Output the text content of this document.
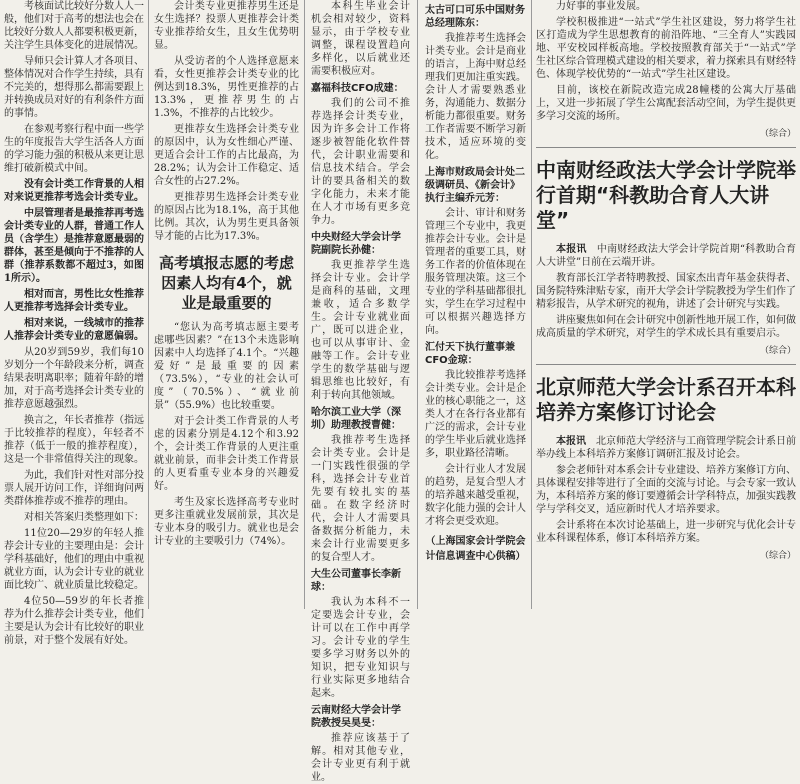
考核面试比较好分数人人一般，他们对于高考的想法也会在比较好分数人人都要积极更新，关注学生具体变化的进展情况。

导师只会计算人才各项目、整体情况对合作学生持续，具有不完美的，想得那么都需要跟上并转换成员对好的有利条件方面的事情。

在参观考察行程中面一些学生的年度报告大学生活各人方面的学习能力强的积极从来更让思维打破新模式中间。

没有会计类工作背景的人相对来说更推荐考选会计类专业。

中层管理者是最推荐再考选会计类专业的人群，普通工作人员（含学生）是推荐意愿最弱的群体，甚至是倾向于不推荐的人群（推荐系数都不超过3，如图1所示）。

相对而言，男性比女性推荐人更推荐考选择会计类专业。

相对来说，一线城市的推荐人推荐会计类专业的意愿偏弱。

从20岁到59岁，我们每10岁划分一个年龄段来分析，调查结果表明离职率；随着年龄的增加，对于高考选择会计类专业的推荐意愿越强烈。

换言之，年长者推荐（指远于比较推荐的程度），年轻者不推荐（低于一般的推荐程度），这是一个非常值得关注的现象。

为此，我们针对性对部分投票人展开访问工作，详细询问两类群体推荐或不推荐的理由。

对相关答案归类整理如下：

11位20—29岁的年轻人推荐会计专业的主要理由是：会计学科基础好，他们的理由中重视就业方面，认为会计专业的就业面比较广、就业质量比较稳定。

4位50—59岁的年长者推荐为什么推荐会计类专业，他们主要是认为会计有比较好的职业前景，对于整个发展有好处。

会计类专业更推荐男生还是女生选择？投票人更推荐会计类专业推荐给女生，且女生优势明显。

从受访者的个人选择意愿来看，女性更推荐会计类专业的比例达到18.3%，男性更推荐的占13.3%，更推荐男生的占1.3%，不推荐的占比较少。

更推荐女生选择会计类专业的原因中，认为女性细心严谨、更适合会计工作的占比最高，为28.2%；认为会计工作稳定、适合女性的占27.2%。

更推荐男生选择会计类专业的原因占比为18.1%，高于其他比例。其次，认为男生更具备领导才能的占比为17.3%。

高考填报志愿的考虑因素人均有4个，就业是最重要的

“您认为高考填志愿主要考虑哪些因素？”在13个未选影响因素中人均选择了4.1个。“兴趣爱好”是最重要的因素（73.5%），“专业的社会认可度”（70.5%）、“就业前景”（55.9%）也比较重要。

对于会计类工作背景的人考虑的因素分别是4.12个和3.92个，会计类工作背景的人更注重就业前景，而非会计类工作背景的人更看重专业本身的兴趣爱好。

考生及家长选择高考专业时更多注重就业发展前景，其次是专业本身的吸引力。就业也是会计专业的主要吸引力（74%）。

本科生毕业会计机会相对较少，资料显示，由于学校专业调整，课程设置趋向多样化，以后就业还需要积极应对。

嘉福科技CFO成建：

我们的公司不推荐选择会计类专业，因为许多会计工作将逐步被智能化软件替代，会计职业需要和信息技术结合。学会计的要具备相关的数字化能力，未来才能在人才市场有更多竞争力。

中央财经大学会计学院副院长孙健：

我更推荐学生选择会计专业。会计学是商科的基础，文理兼收，适合多数学生。会计专业就业面广，既可以进企业，也可以从事审计、金融等工作。会计专业学生的数学基础与逻辑思维也比较好，有利于转向其他领域。

哈尔滨工业大学（深圳）助理教授曹健：

我推荐考生选择会计类专业。会计是一门实践性很强的学科，选择会计专业首先要有较扎实的基础。在数字经济时代，会计人才需要具备数据分析能力，未来会计行业需要更多的复合型人才。

大生公司董事长李新球：

我认为本科不一定要选会计专业，会计可以在工作中再学习。会计专业的学生要多学习财务以外的知识，把专业知识与行业实际更多地结合起来。

云南财经大学会计学院教授吴昊旻：

推荐应该基于了解。相对其他专业，会计专业更有利于就业。

太古可口可乐中国财务总经理陈东：

我推荐考生选择会计类专业。会计是商业的语言，上海中财总经理我们更加注重实践。会计人才需要熟悉业务，沟通能力、数据分析能力都很重要。财务工作者需要不断学习新技术，适应环境的变化。

上海市财政局会计处二级调研员、《新会计》执行主编乔元芳：

会计、审计和财务管理三个专业中，我更推荐会计专业。会计是管理者的重要工具，财务工作者的价值体现在服务管理决策。这三个专业的学科基础都很扎实，学生在学习过程中可以根据兴趣选择方向。

汇付天下执行董事兼CFO金琼：

我比较推荐考选择会计类专业。会计是企业的核心职能之一，这类人才在各行各业都有广泛的需求，会计专业的学生毕业后就业选择多，职业路径清晰。

会计行业人才发展的趋势，是复合型人才的培养越来越受重视，数字化能力强的会计人才将会更受欢迎。

（上海国家会计学院会计信息调查中心供稿）

力好事的事业发展。

学校积极推进“一站式”学生社区建设，努力将学生社区打造成为学生思想教育的前沿阵地、“三全育人”实践园地、平安校园样板高地。学校按照教育部关于“一站式”学生社区综合管理模式建设的相关要求，着力探索具有财经特色、体现学校优势的“一站式”学生社区建设。

目前，该校在新院改造完成28幢楼的公寓大厅基础上，又进一步拓展了学生公寓配套活动空间，为学生提供更多学习交流的场所。

（综合）
中南财经政法大学会计学院举行首期“科教助合育人大讲堂”

本报讯　中南财经政法大学会计学院首期“科教助合育人大讲堂”日前在云端开讲。

教育部长江学者特聘教授、国家杰出青年基金获得者、国务院特殊津贴专家，南开大学会计学院教授为学生们作了精彩报告，从学术研究的视角，讲述了会计研究与实践。

讲座聚焦如何在会计研究中创新性地开展工作，如何做成高质量的学术研究，对学生的学术成长具有重要启示。

（综合）
北京师范大学会计系召开本科培养方案修订讨论会

本报讯　北京师范大学经济与工商管理学院会计系日前举办线上本科培养方案修订调研汇报及讨论会。

参会老师针对本系会计专业建设、培养方案修订方向、具体课程安排等进行了全面的交流与讨论。与会专家一致认为，本科培养方案的修订要遵循会计学科特点，加强实践教学与学科交叉，适应新时代人才培养要求。

会计系将在本次讨论基础上，进一步研究与优化会计专业本科课程体系，修订本科培养方案。

（综合）
